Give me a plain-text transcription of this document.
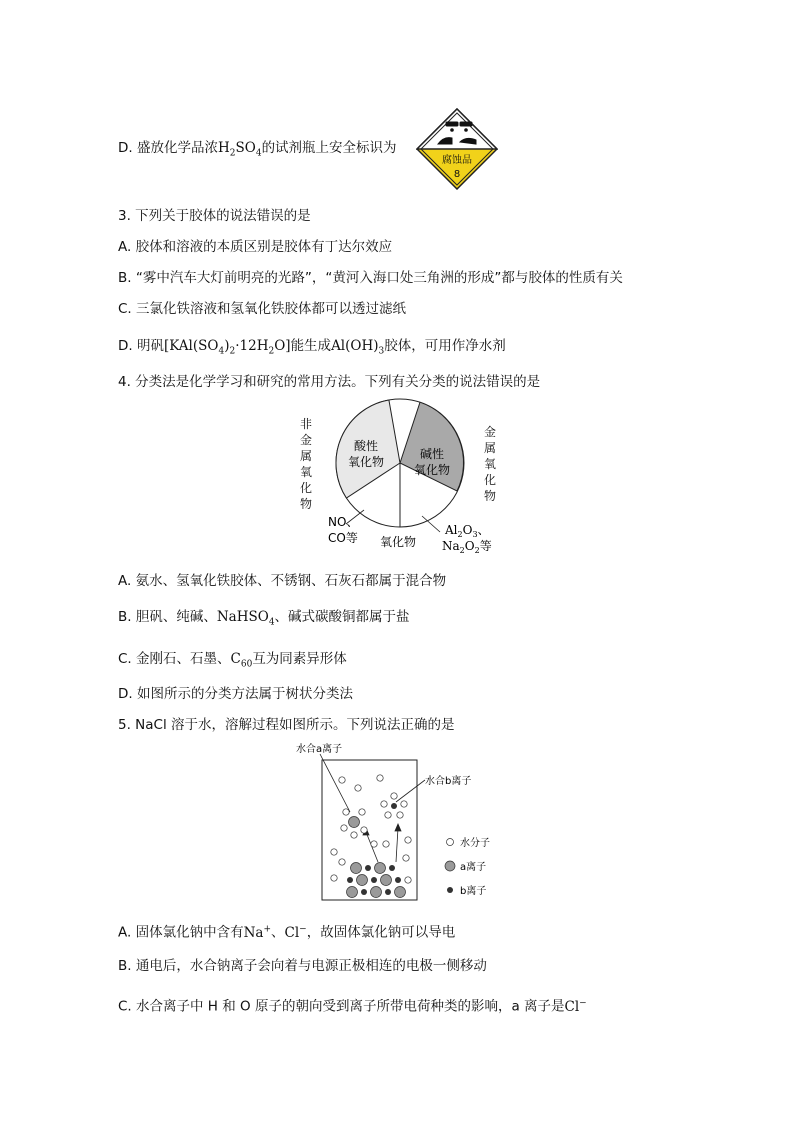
D. 盛放化学品浓$H_2SO_4$的试剂瓶上安全标识为
腐蚀品
8
3. 下列关于胶体的说法错误的是
A. 胶体和溶液的本质区别是胶体有丁达尔效应
B. “雾中汽车大灯前明亮的光路”，“黄河入海口处三角洲的形成”都与胶体的性质有关
C. 三氯化铁溶液和氢氧化铁胶体都可以透过滤纸
D. 明矾$[KAl(SO_4)_2\cdot 12H_2O]$能生成$Al(OH)_3$胶体，可用作净水剂
4. 分类法是化学学习和研究的常用方法。下列有关分类的说法错误的是
非
金
属
氧
化
物
金
属
氧
化
物
酸性
氧化物
碱性
氧化物
NO、
CO等 氧化物
$Al_2O_3$、
$Na_2O_2$等
A. 氨水、氢氧化铁胶体、不锈钢、石灰石都属于混合物
B. 胆矾、纯碱、NaHSO$_4$、碱式碳酸铜都属于盐
C. 金刚石、石墨、$C_{60}$互为同素异形体
D. 如图所示的分类方法属于树状分类法
5. NaCl 溶于水，溶解过程如图所示。下列说法正确的是
水合a离子
水合b离子
水分子
a离子
b离子
A. 固体氯化钠中含有Na+、Cl−，故固体氯化钠可以导电
B. 通电后，水合钠离子会向着与电源正极相连的电极一侧移动
C. 水合离子中 H 和 O 原子的朝向受到离子所带电荷种类的影响，a 离子是Cl−
